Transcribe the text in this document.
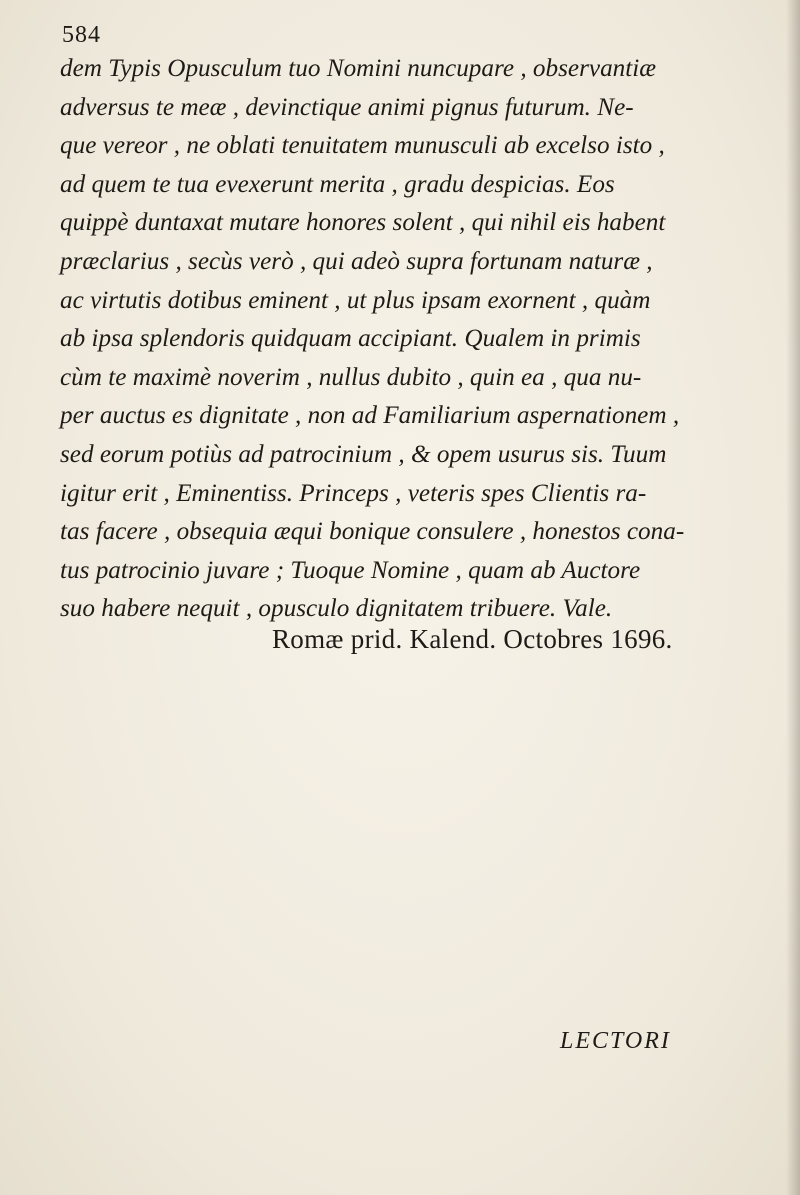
584
dem Typis Opusculum tuo Nomini nuncupare , observantiæ
adversus te meæ , devinctique animi pignus futurum. Ne-
que vereor , ne oblati tenuitatem munusculi ab excelso isto ,
ad quem te tua evexerunt merita , gradu despicias. Eos
quippè duntaxat mutare honores solent , qui nihil eis habent
præclarius , secùs verò , qui adeò supra fortunam naturæ ,
ac virtutis dotibus eminent , ut plus ipsam exornent , quàm
ab ipsa splendoris quidquam accipiant. Qualem in primis
cùm te maximè noverim , nullus dubito , quin ea , qua nu-
per auctus es dignitate , non ad Familiarium aspernationem ,
sed eorum potiùs ad patrocinium , & opem usurus sis. Tuum
igitur erit , Eminentiss. Princeps , veteris spes Clientis ra-
tas facere , obsequia æqui bonique consulere , honestos cona-
tus patrocinio juvare ; Tuoque Nomine , quam ab Auctore
suo habere nequit , opusculo dignitatem tribuere. Vale.
Romæ prid. Kalend. Octobres 1696.
LECTORI
